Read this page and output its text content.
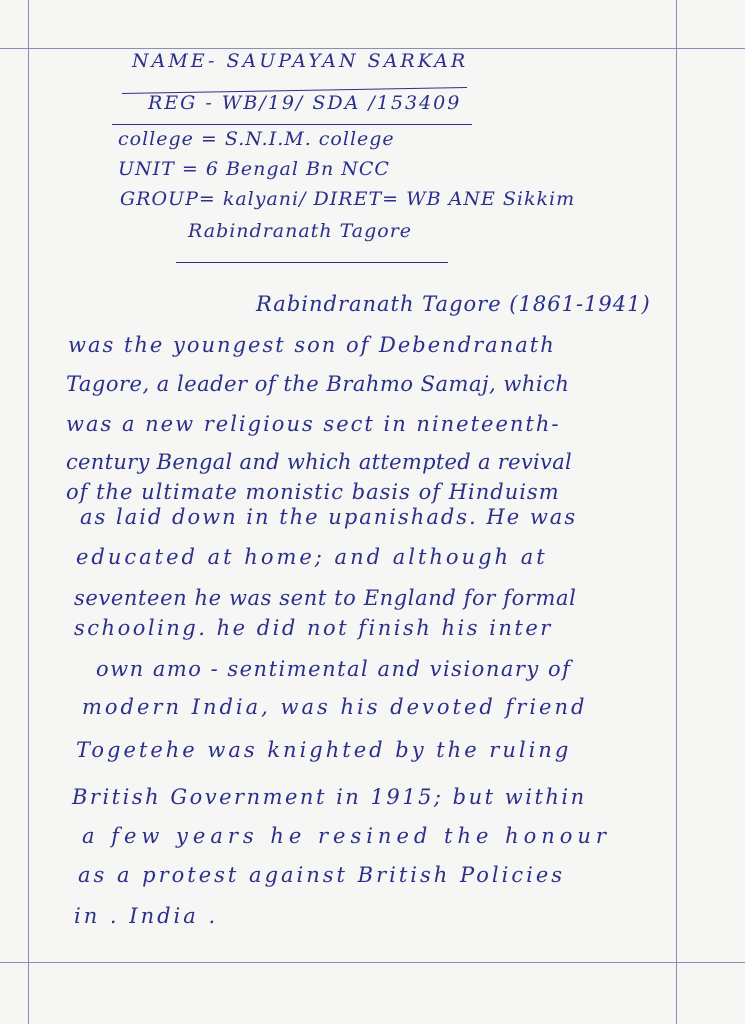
NAME- SAUPAYAN SARKAR
REG - WB/19/ SDA /153409
college = S.N.I.M. college
UNIT = 6 Bengal Bn NCC
GROUP= kalyani/ DIRET= WB ANE Sikkim
Rabindranath Tagore
Rabindranath Tagore (1861-1941)
was the youngest son of Debendranath
Tagore, a leader of the Brahmo Samaj, which
was a new religious sect in nineteenth-
century Bengal and which attempted a revival
of the ultimate monistic basis of Hinduism
as laid down in the upanishads. He was
educated at home; and although at
seventeen he was sent to England for formal
schooling. he did not finish his inter
own amo - sentimental and visionary of
modern India, was his devoted friend
Togetehe was knighted by the ruling
British Government in 1915; but within
a few years he resined the honour
as a protest against British Policies
in . India .
